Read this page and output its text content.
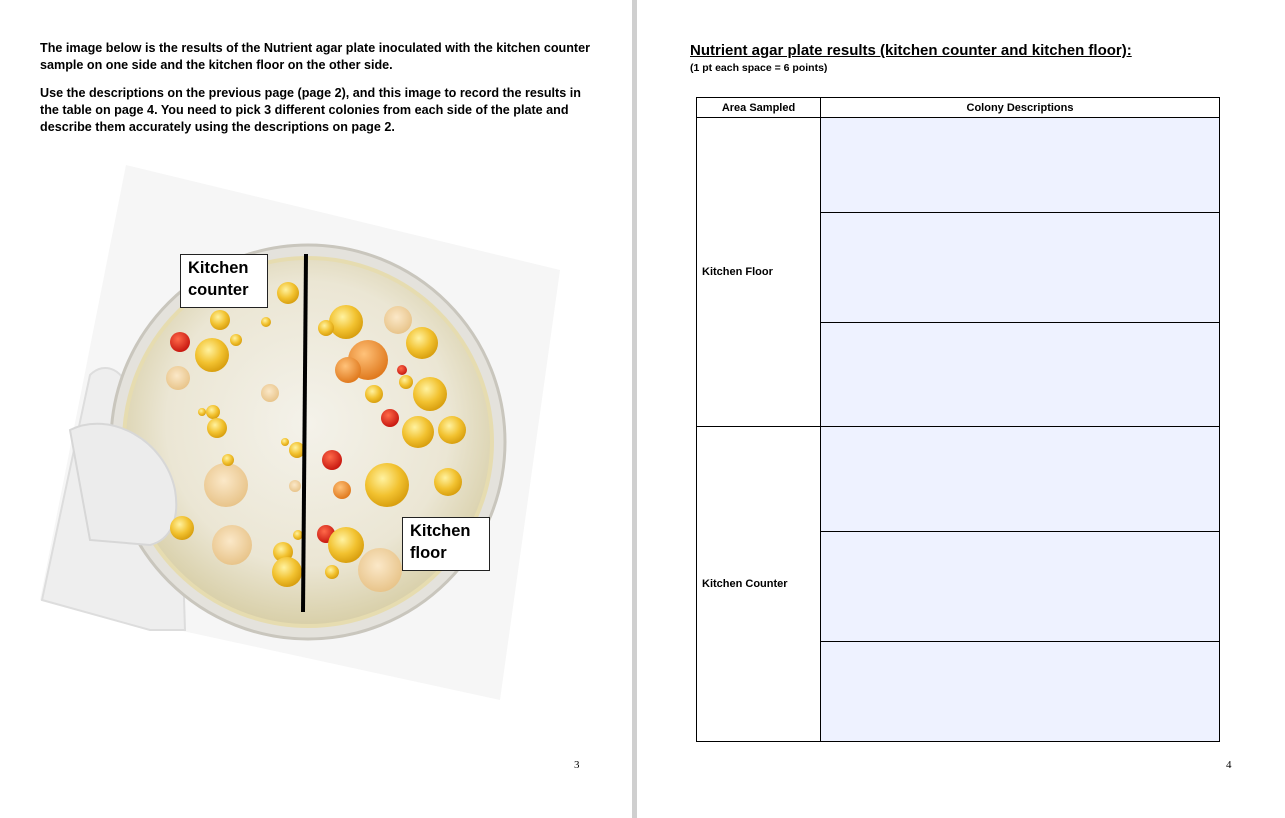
The image below is the results of the Nutrient agar plate inoculated with the kitchen counter sample on one side and the kitchen floor on the other side.
Use the descriptions on the previous page (page 2), and this image to record the results in the table on page 4. You need to pick 3 different colonies from each side of the plate and describe them accurately using the descriptions on page 2.
Kitchen
counter
Kitchen
floor
3
Nutrient agar plate results (kitchen counter and kitchen floor):
(1 pt each space = 6 points)
Area Sampled	Colony Descriptions
Kitchen Floor	

Kitchen Counter	

4
